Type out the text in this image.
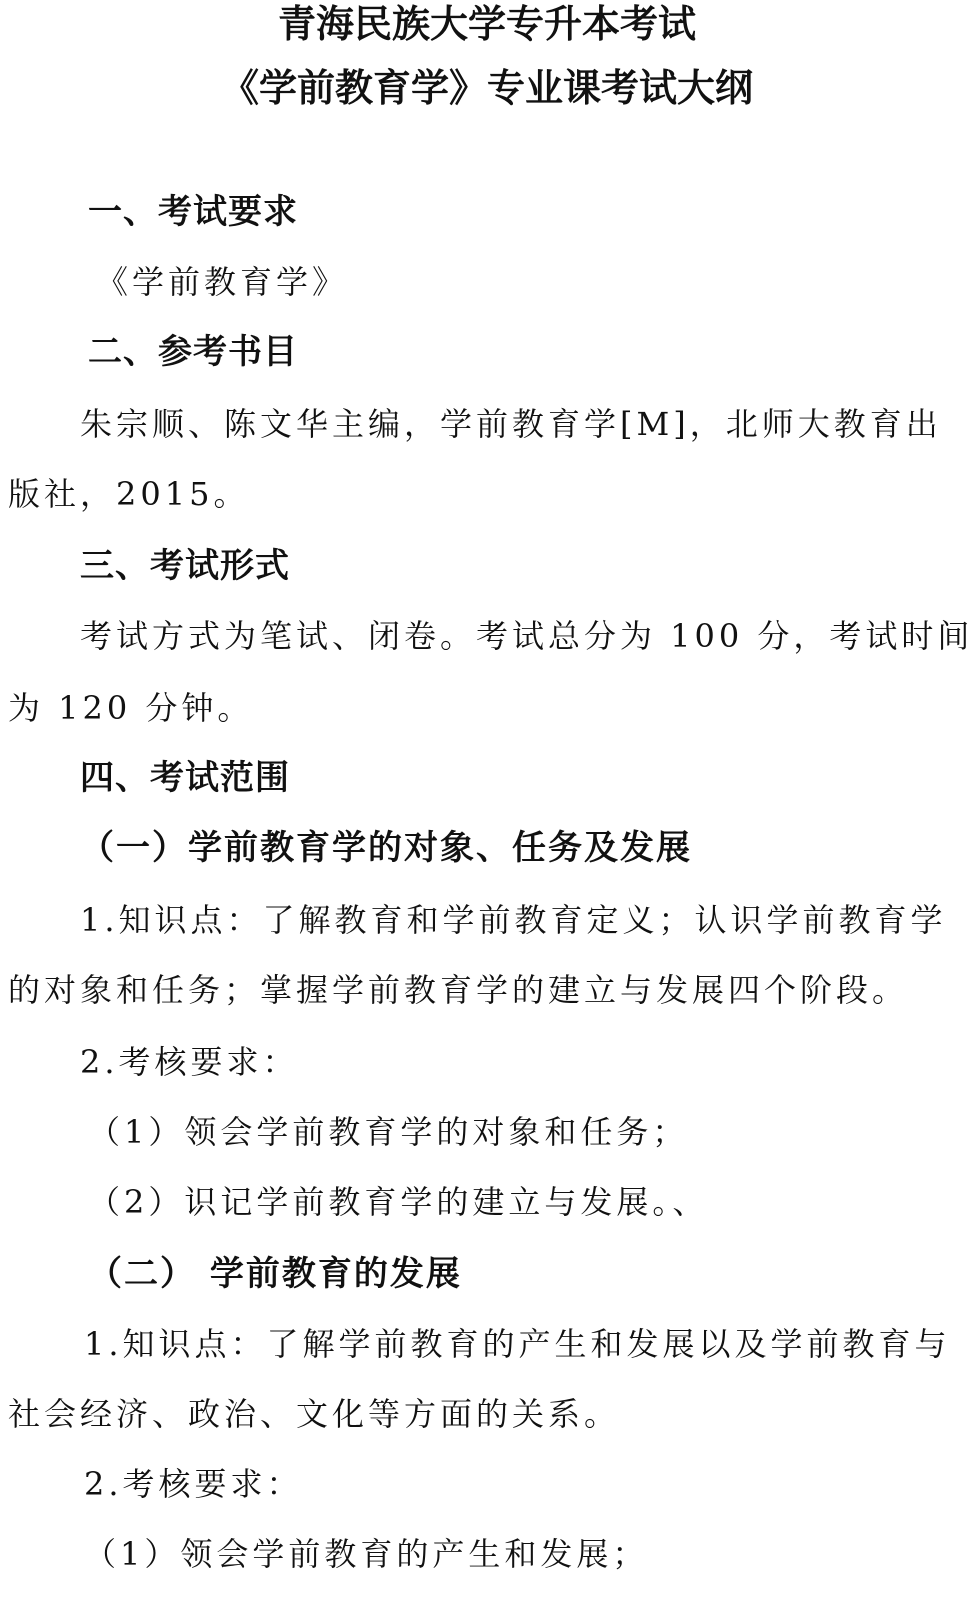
青海民族大学专升本考试
《学前教育学》专业课考试大纲
一、考试要求
《学前教育学》
二、参考书目
朱宗顺、陈文华主编，学前教育学[M]，北师大教育出
版社，2015。
三、考试形式
考试方式为笔试、闭卷。考试总分为 100 分，考试时间
为 120 分钟。
四、考试范围
（一）学前教育学的对象、任务及发展
1.知识点：了解教育和学前教育定义；认识学前教育学
的对象和任务；掌握学前教育学的建立与发展四个阶段。
2.考核要求：
（1）领会学前教育学的对象和任务；
（2）识记学前教育学的建立与发展。、
（二） 学前教育的发展
1.知识点：了解学前教育的产生和发展以及学前教育与
社会经济、政治、文化等方面的关系。
2.考核要求：
（1）领会学前教育的产生和发展；
